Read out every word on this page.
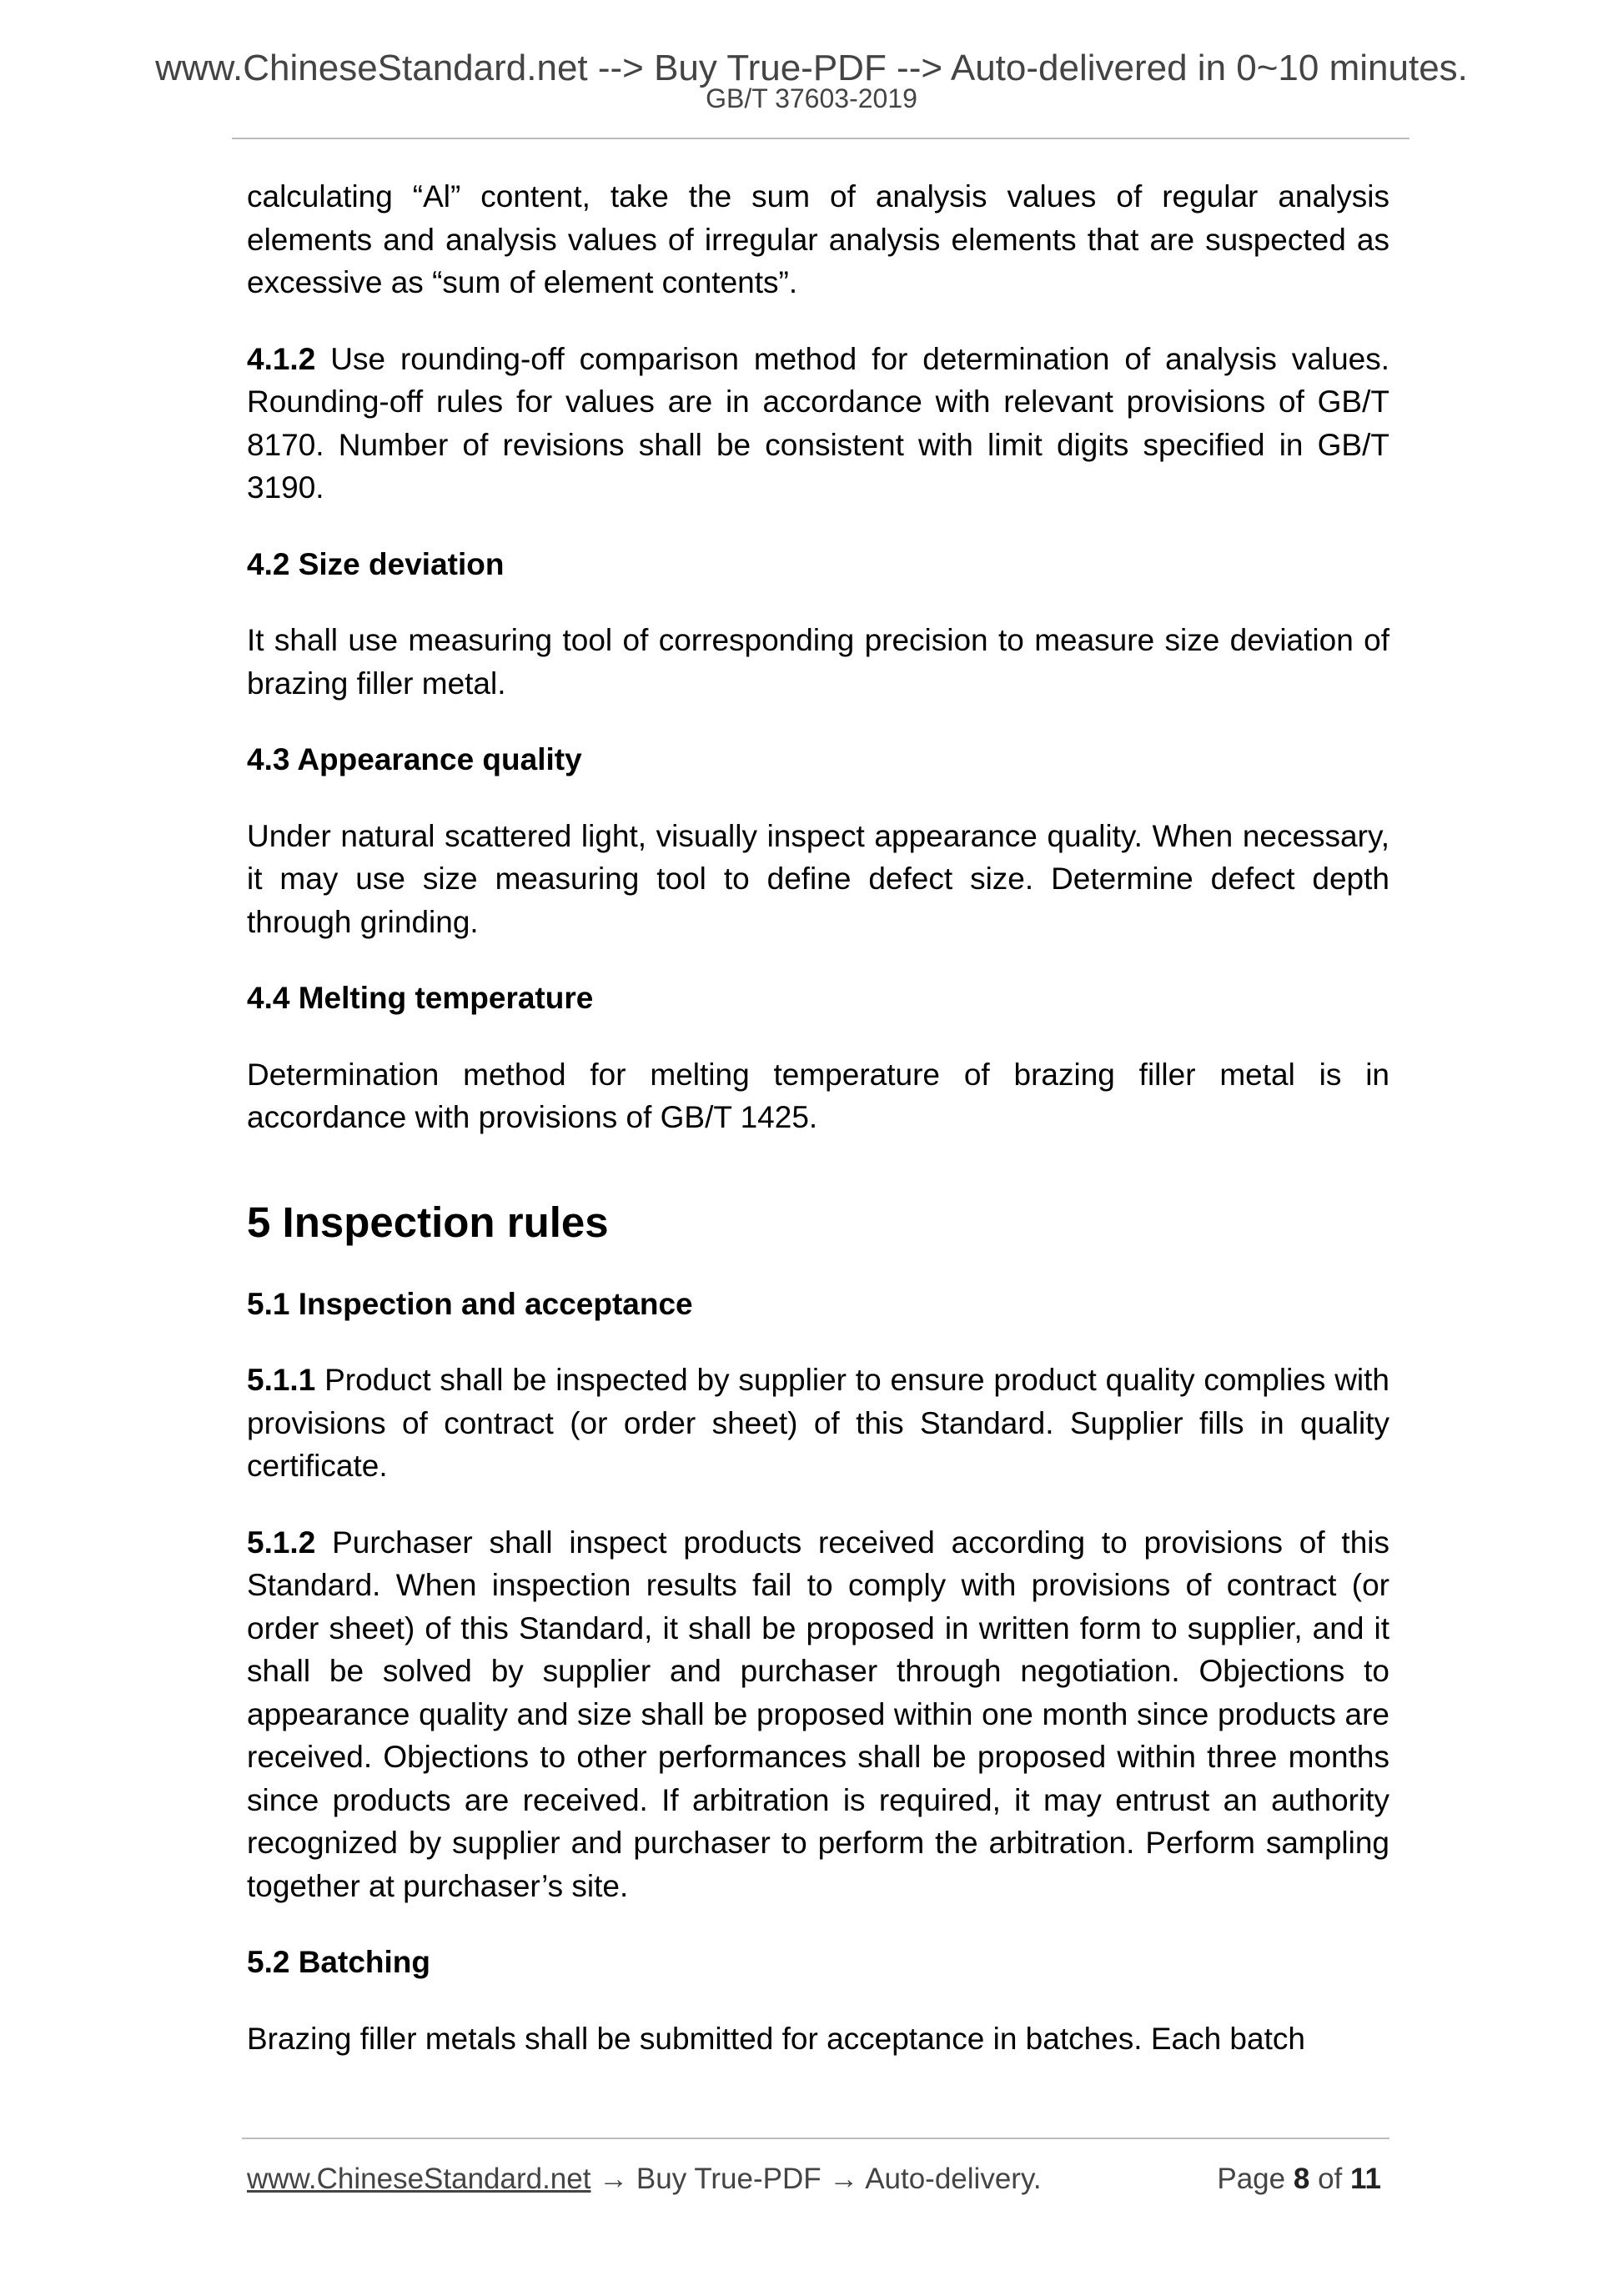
www.ChineseStandard.net --> Buy True-PDF --> Auto-delivered in 0~10 minutes.
GB/T 37603-2019

calculating “Al” content, take the sum of analysis values of regular analysis elements and analysis values of irregular analysis elements that are suspected as excessive as “sum of element contents”.

4.1.2 Use rounding-off comparison method for determination of analysis values. Rounding-off rules for values are in accordance with relevant provisions of GB/T 8170. Number of revisions shall be consistent with limit digits specified in GB/T 3190.

4.2 Size deviation

It shall use measuring tool of corresponding precision to measure size deviation of brazing filler metal.

4.3 Appearance quality

Under natural scattered light, visually inspect appearance quality. When necessary, it may use size measuring tool to define defect size. Determine defect depth through grinding.

4.4 Melting temperature

Determination method for melting temperature of brazing filler metal is in accordance with provisions of GB/T 1425.

5 Inspection rules
5.1 Inspection and acceptance

5.1.1 Product shall be inspected by supplier to ensure product quality complies with provisions of contract (or order sheet) of this Standard. Supplier fills in quality certificate.

5.1.2 Purchaser shall inspect products received according to provisions of this Standard. When inspection results fail to comply with provisions of contract (or order sheet) of this Standard, it shall be proposed in written form to supplier, and it shall be solved by supplier and purchaser through negotiation. Objections to appearance quality and size shall be proposed within one month since products are received. Objections to other performances shall be proposed within three months since products are received. If arbitration is required, it may entrust an authority recognized by supplier and purchaser to perform the arbitration. Perform sampling together at purchaser’s site.

5.2 Batching

Brazing filler metals shall be submitted for acceptance in batches. Each batch

www.ChineseStandard.net → Buy True-PDF → Auto-delivery.	Page 8 of 11
